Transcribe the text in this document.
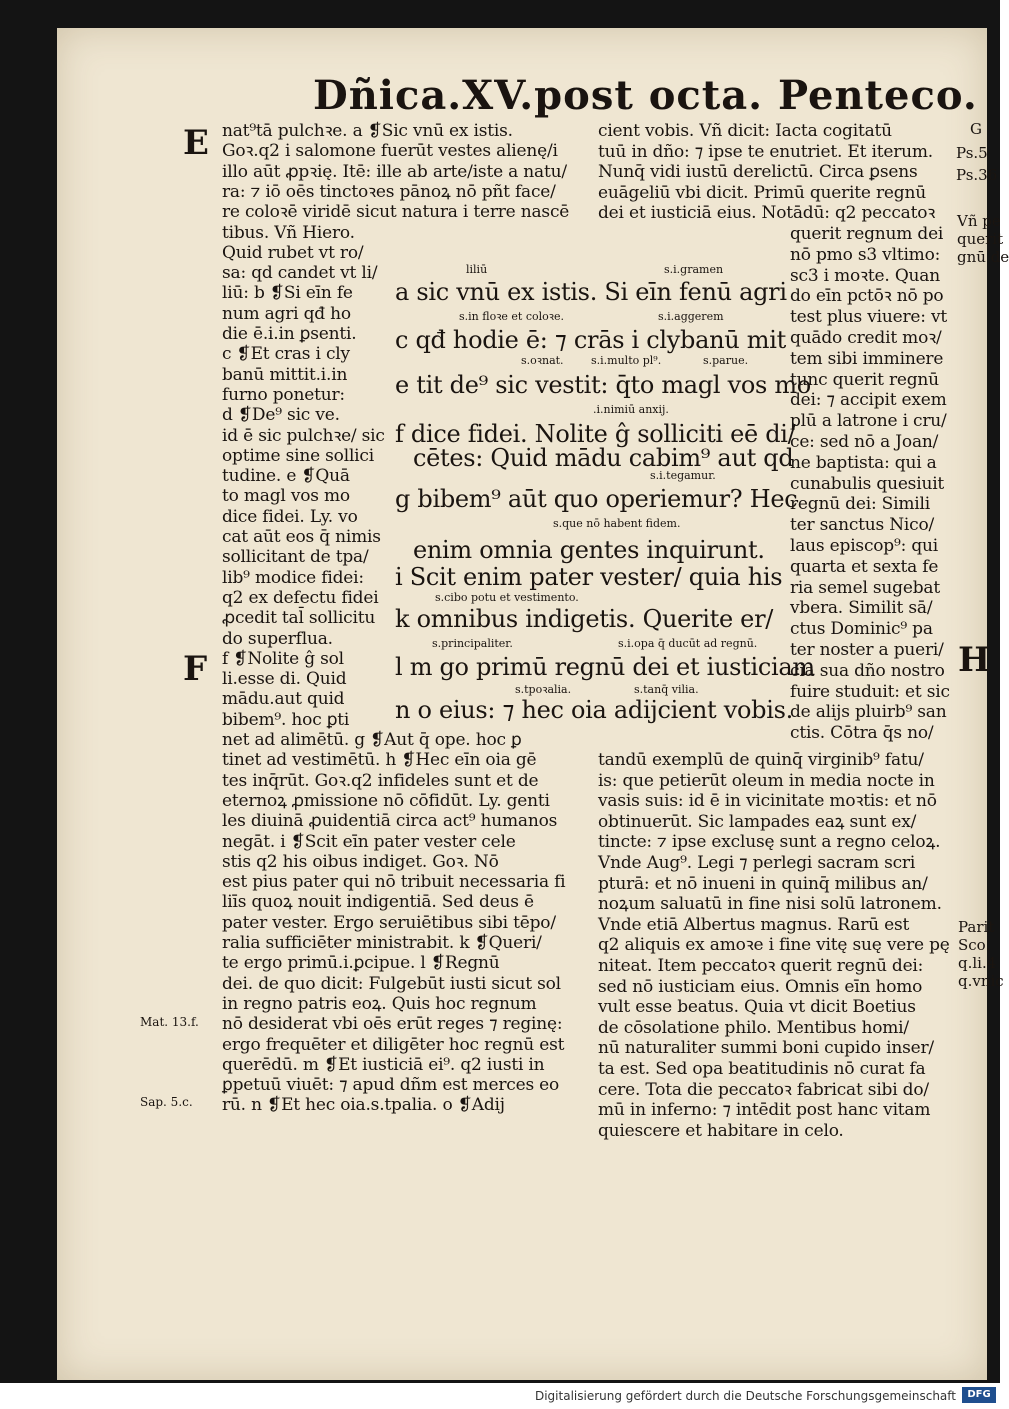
Dñica.XV.post octa. Penteco.
nat⁹tā pulchꝛe. a ❡Sic vnū ex istis.
Goꝛ.q2 i salomone fuerūt vestes alienę/i
illo aūt ꝓpꝛię. Itē: ille ab arte/iste a natu/
ra: ⁊ iō oēs tinctoꝛes pānoꝝ nō pñt face/
re coloꝛē viridē sicut natura i terre nascē
tibus. Vñ Hiero.
Quid rubet vt ro/
sa: qd candet vt li/
liū: b ❡Si eīn fe
num agri qđ ho
die ē.i.in ꝑsenti.
c ❡Et cras i cly
banū mittit.i.in
furno ponetur:
d ❡De⁹ sic ve.
id ē sic pulchꝛe/ sic
optime sine sollici
tudine. e ❡Quā
to magl vos mo
dice fidei. Ly. vo
cat aūt eos q̄ nimis
sollicitant de tpa/
lib⁹ modice fidei:
q2 ex defectu fidei
ꝓcedit tal̄ sollicitu
do superflua.
f ❡Nolite ĝ sol
li.esse di. Quid
mādu.aut quid
bibem⁹. hoc ꝑti
net ad alimētū. g ❡Aut q̄ ope. hoc ꝑ
tinet ad vestimētū. h ❡Hec eīn oia gē
tes inq̄rūt. Goꝛ.q2 infideles sunt et de
eternoꝝ ꝓmissione nō cōfidūt. Ly. genti
les diuinā ꝓuidentiā circa act⁹ humanos
negāt. i ❡Scit eīn pater vester cele
stis q2 his oibus indiget. Goꝛ. Nō
est pius pater qui nō tribuit necessaria fi
liīs quoꝝ nouit indigentiā. Sed deus ē
pater vester. Ergo seruiētibus sibi tēpo/
ralia sufficiēter ministrabit. k ❡Queri/
te ergo primū.i.ꝑcipue. l ❡Regnū
dei. de quo dicit: Fulgebūt iusti sicut sol
in regno patris eoꝝ. Quis hoc regnum
nō desiderat vbi oēs erūt reges ⁊ reginę:
ergo frequēter et diligēter hoc regnū est
querēdū. m ❡Et iusticiā ei⁹. q2 iusti in
ꝑpetuū viuēt: ⁊ apud dñm est merces eo
rū. n ❡Et hec oia.s.tpalia. o ❡Adij
a sic vnū ex istis. Si eīn fenū agri
c qđ hodie ē: ⁊ crās i clybanū mit
e tit de⁹ sic vestit: q̄to magl vos mo
f dice fidei. Nolite ĝ solliciti eē di/
cētes: Quid mādu cabim⁹ aut qd
g bibem⁹ aūt quo operiemur? Hec
enim omnia gentes inquirunt.
i Scit enim pater vester/ quia his
k omnibus indigetis. Querite er/
l m go primū regnū dei et iusticiam
n o eius: ⁊ hec oia adijcient vobis.
liliū	s.i.gramen
s.in floꝛe et coloꝛe.	s.i.aggerem
s.oꝛnat. s.i.multo pl⁹.	s.parue.
.i.nimiū anxij.
s.i.tegamur.
s.que nō habent fidem.
s.cibo potu et vestimento.
s.principaliter.	s.i.opa q̄ ducūt ad regnū.
s.tpoꝛalia.	s.tanq̄ vilia.
cient vobis. Vñ dicit: Iacta cogitatū
tuū in dño: ⁊ ipse te enutriet. Et iterum.
Nunq̄ vidi iustū derelictū. Circa ꝑsens
euāgeliū vbi dicit. Primū querite regnū
dei et iusticiā eius. Notādū: q2 peccatoꝛ
querit regnum dei
nō pmo s3 vltimo:
sc3 i moꝛte. Quan
do eīn pctōꝛ nō po
test plus viuere: vt
quādo credit moꝛ/
tem sibi imminere
tunc querit regnū
dei: ⁊ accipit exem
plū a latrone i cru/
ce: sed nō a Joan/
ne baptista: qui a
cunabulis quesiuit
regnū dei: Simili
ter sanctus Nico/
laus episcop⁹: qui
quarta et sexta fe
ria semel sugebat
vbera. Similit sā/
ctus Dominic⁹ pa
ter noster a pueri/
cia sua dño nostro
fuire studuit: et sic
de alijs pluirb⁹ san
ctis. Cōtra q̄s no/
tandū exemplū de quinq̄ virginib⁹ fatu/
is: que petierūt oleum in media nocte in
vasis suis: id ē in vicinitate moꝛtis: et nō
obtinuerūt. Sic lampades eaꝝ sunt ex/
tincte: ⁊ ipse exclusę sunt a regno celoꝝ.
Vnde Aug⁹. Legi ⁊ perlegi sacram scri
pturā: et nō inueni in quinq̄ milibus an/
noꝝum saluatū in fine nisi solū latronem.
Vnde etiā Albertus magnus. Rarū est
q2 aliquis ex amoꝛe i fine vitę suę vere pę
niteat. Item peccatoꝛ querit regnū dei:
sed nō iusticiam eius. Omnis eīn homo
vult esse beatus. Quia vt dicit Boetius
de cōsolatione philo. Mentibus homi/
nū naturaliter summi boni cupido inser/
ta est. Sed opa beatitudinis nō curat fa
cere. Tota die peccatoꝛ fabricat sibi do/
mū in inferno: ⁊ intēdit post hanc vitam
quiescere et habitare in celo.
G
Ps.5
Ps.36
Vñ pe
querit
gnū de
Parit
Sco.
q.li.4
q.vnic
E
F	H
Mat. 13.f.
Sap. 5.c.
Digitalisierung gefördert durch die Deutsche Forschungsgemeinschaft	DFG
